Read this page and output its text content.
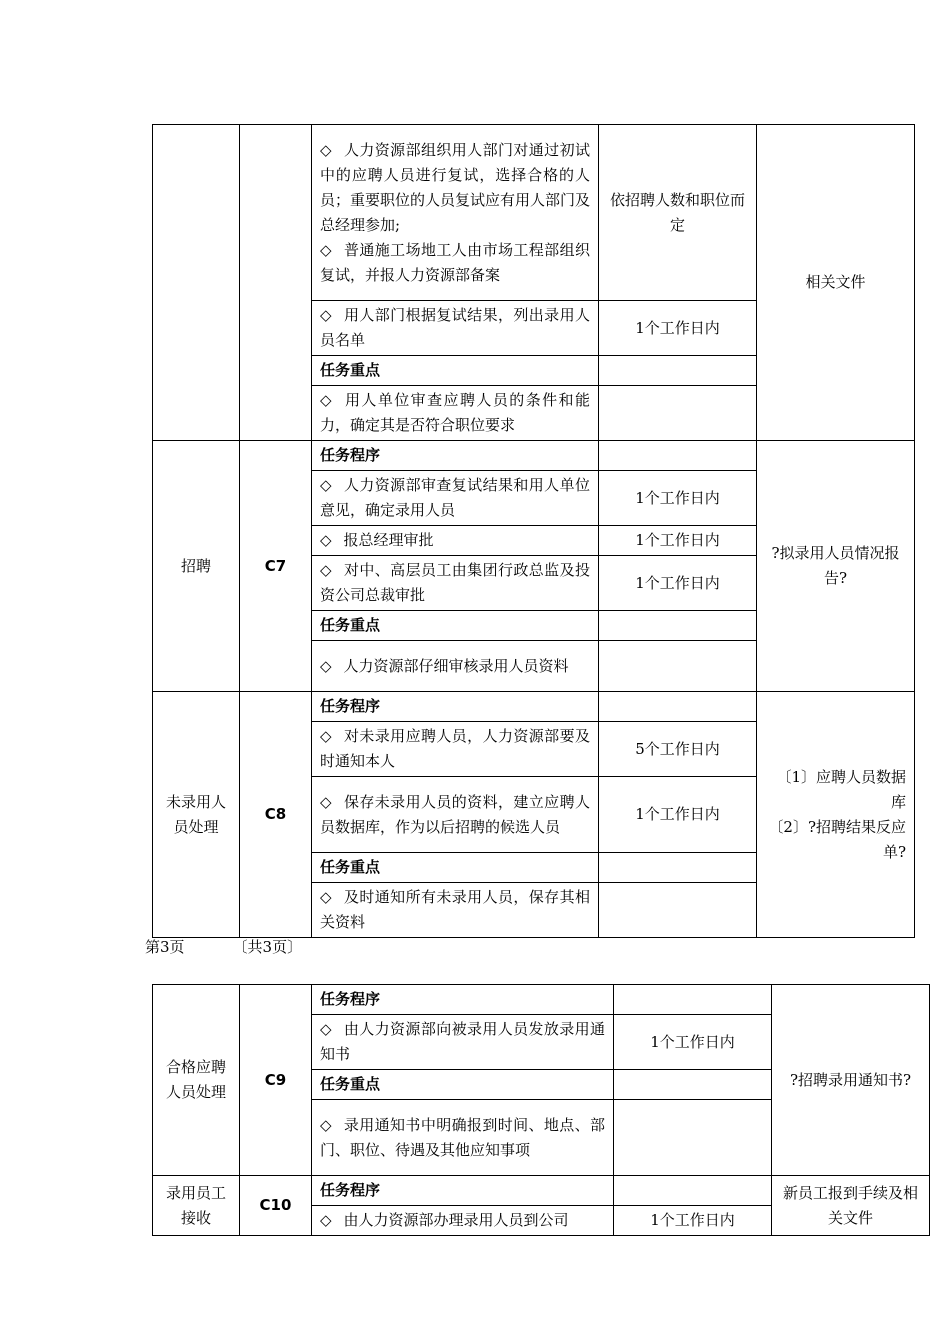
		◇ 人力资源部组织用人部门对通过初试中的应聘人员进行复试，选择合格的人员；重要职位的人员复试应有用人部门及总经理参加;
◇ 普通施工场地工人由市场工程部组织复试，并报人力资源部备案	依招聘人数和职位而定	相关文件
		◇ 用人部门根据复试结果，列出录用人员名单	1个工作日内	
		任务重点		
		◇ 用人单位审查应聘人员的条件和能力，确定其是否符合职位要求		
招聘	C7	任务程序		?拟录用人员情况报告?
		◇ 人力资源部审查复试结果和用人单位意见，确定录用人员	1个工作日内	
		◇ 报总经理审批	1个工作日内	
		◇ 对中、高层员工由集团行政总监及投资公司总裁审批	1个工作日内	
		任务重点		
		◇ 人力资源部仔细审核录用人员资料		
未录用人员处理	C8	任务程序		〔1〕应聘人员数据库
〔2〕?招聘结果反应单?

		◇ 对未录用应聘人员，人力资源部要及时通知本人	5个工作日内	
		◇ 保存未录用人员的资料，建立应聘人员数据库，作为以后招聘的候选人员	1个工作日内	
		任务重点		
		◇ 及时通知所有未录用人员，保存其相关资料		
第3页	〔共3页〕
合格应聘人员处理	C9	任务程序		?招聘录用通知书?
		◇ 由人力资源部向被录用人员发放录用通知书	1个工作日内	
		任务重点		
		◇ 录用通知书中明确报到时间、地点、部门、职位、待遇及其他应知事项		
录用员工接收	C10	任务程序		新员工报到手续及相关文件
		◇ 由人力资源部办理录用人员到公司	1个工作日内	
